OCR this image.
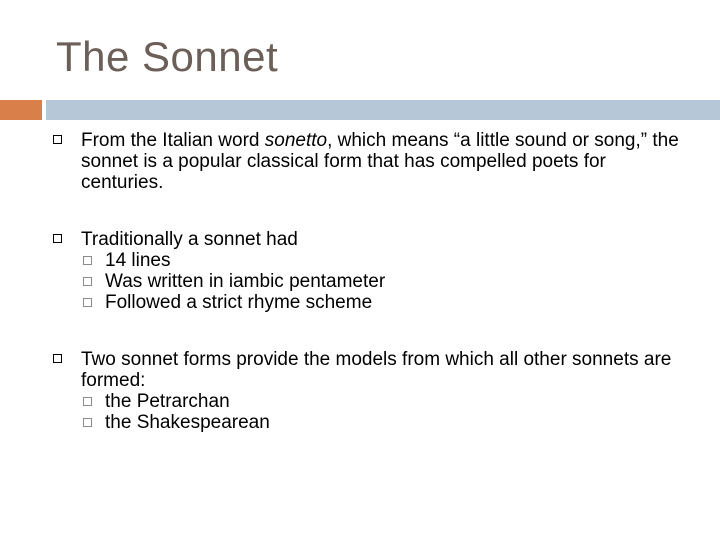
The Sonnet
From the Italian word sonetto, which means “a little sound or song,” the sonnet is a popular classical form that has compelled poets for centuries.
Traditionally a sonnet had
14 lines
Was written in iambic pentameter
Followed a strict rhyme scheme
Two sonnet forms provide the models from which all other sonnets are formed:
the Petrarchan
the Shakespearean
